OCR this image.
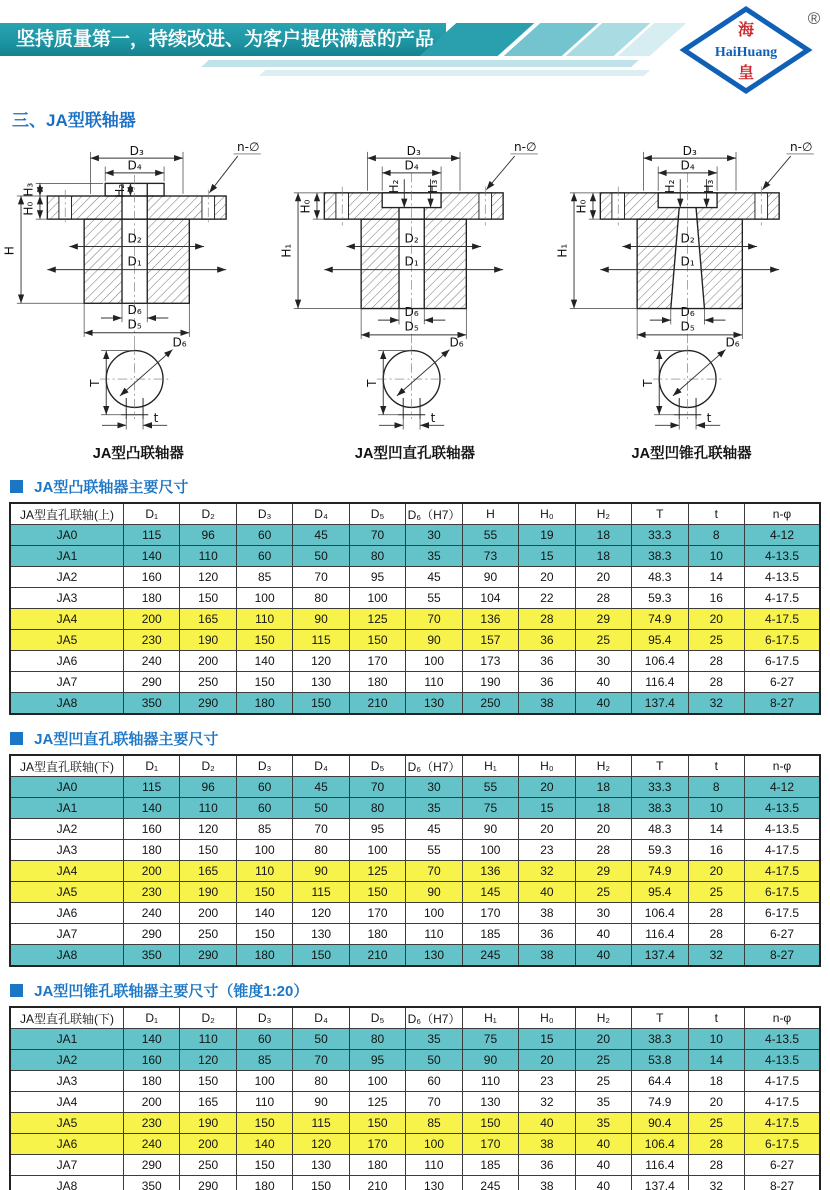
坚持质量第一，持续改进、为客户提供满意的产品	海
HaiHuang
皇
®
三、JA型联轴器
D₃
D₄
n-∅
H₃
H₀
H
H₂
D₂
D₁
D₆
D₅
T
t
D₆
JA型凸联轴器
D₃
D₄
n-∅
H₂ H₃
H₀
H₁
D₂
D₁
D₆
D₅
T
t
D₆
JA型凹直孔联轴器
D₃
D₄
n-∅
H₂ H₃
H₀
H₁
D₂
D₁
D₆
D₅
T
t
D₆
JA型凹锥孔联轴器
JA型凸联轴器主要尺寸
JA型直孔联轴(上)	D₁	D₂	D₃	D₄	D₅	D₆（H7）	H	H₀	H₂	T	t	n-φ
JA0	115	96	60	45	70	30	55	19	18	33.3	8	4-12
JA1	140	110	60	50	80	35	73	15	18	38.3	10	4-13.5
JA2	160	120	85	70	95	45	90	20	20	48.3	14	4-13.5
JA3	180	150	100	80	100	55	104	22	28	59.3	16	4-17.5
JA4	200	165	110	90	125	70	136	28	29	74.9	20	4-17.5
JA5	230	190	150	115	150	90	157	36	25	95.4	25	6-17.5
JA6	240	200	140	120	170	100	173	36	30	106.4	28	6-17.5
JA7	290	250	150	130	180	110	190	36	40	116.4	28	6-27
JA8	350	290	180	150	210	130	250	38	40	137.4	32	8-27
JA型凹直孔联轴器主要尺寸
JA型直孔联轴(下)	D₁	D₂	D₃	D₄	D₅	D₆（H7）	H₁	H₀	H₂	T	t	n-φ
JA0	115	96	60	45	70	30	55	20	18	33.3	8	4-12
JA1	140	110	60	50	80	35	75	15	18	38.3	10	4-13.5
JA2	160	120	85	70	95	45	90	20	20	48.3	14	4-13.5
JA3	180	150	100	80	100	55	100	23	28	59.3	16	4-17.5
JA4	200	165	110	90	125	70	136	32	29	74.9	20	4-17.5
JA5	230	190	150	115	150	90	145	40	25	95.4	25	6-17.5
JA6	240	200	140	120	170	100	170	38	30	106.4	28	6-17.5
JA7	290	250	150	130	180	110	185	36	40	116.4	28	6-27
JA8	350	290	180	150	210	130	245	38	40	137.4	32	8-27
JA型凹锥孔联轴器主要尺寸（锥度1:20）
JA型直孔联轴(下)	D₁	D₂	D₃	D₄	D₅	D₆（H7）	H₁	H₀	H₂	T	t	n-φ
JA1	140	110	60	50	80	35	75	15	20	38.3	10	4-13.5
JA2	160	120	85	70	95	50	90	20	25	53.8	14	4-13.5
JA3	180	150	100	80	100	60	110	23	25	64.4	18	4-17.5
JA4	200	165	110	90	125	70	130	32	35	74.9	20	4-17.5
JA5	230	190	150	115	150	85	150	40	35	90.4	25	4-17.5
JA6	240	200	140	120	170	100	170	38	40	106.4	28	6-17.5
JA7	290	250	150	130	180	110	185	36	40	116.4	28	6-27
JA8	350	290	180	150	210	130	245	38	40	137.4	32	8-27
